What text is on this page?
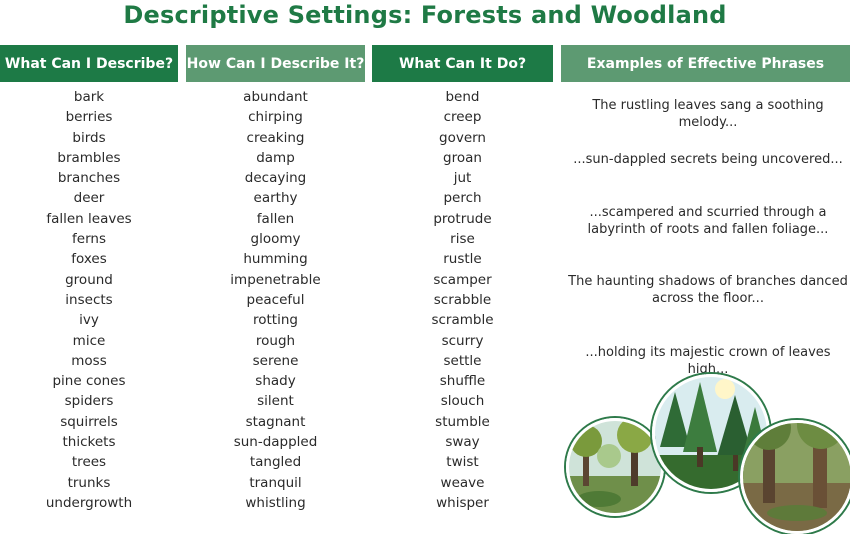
Descriptive Settings: Forests and Woodland
What Can I Describe? How Can I Describe It?	What Can It Do?	Examples of Effective Phrases
bark
berries
birds
brambles
branches
deer
fallen leaves
ferns
foxes
ground
insects
ivy
mice
moss
pine cones
spiders
squirrels
thickets
trees
trunks
undergrowth
abundant
chirping
creaking
damp
decaying
earthy
fallen
gloomy
humming
impenetrable
peaceful
rotting
rough
serene
shady
silent
stagnant
sun-dappled
tangled
tranquil
whistling
bend
creep
govern
groan
jut
perch
protrude
rise
rustle
scamper
scrabble
scramble
scurry
settle
shuffle
slouch
stumble
sway
twist
weave
whisper
The rustling leaves sang a soothing melody...
...sun-dappled secrets being uncovered...
...scampered and scurried through a labyrinth of roots and fallen foliage...
The haunting shadows of branches danced across the floor...
...holding its majestic crown of leaves high...
